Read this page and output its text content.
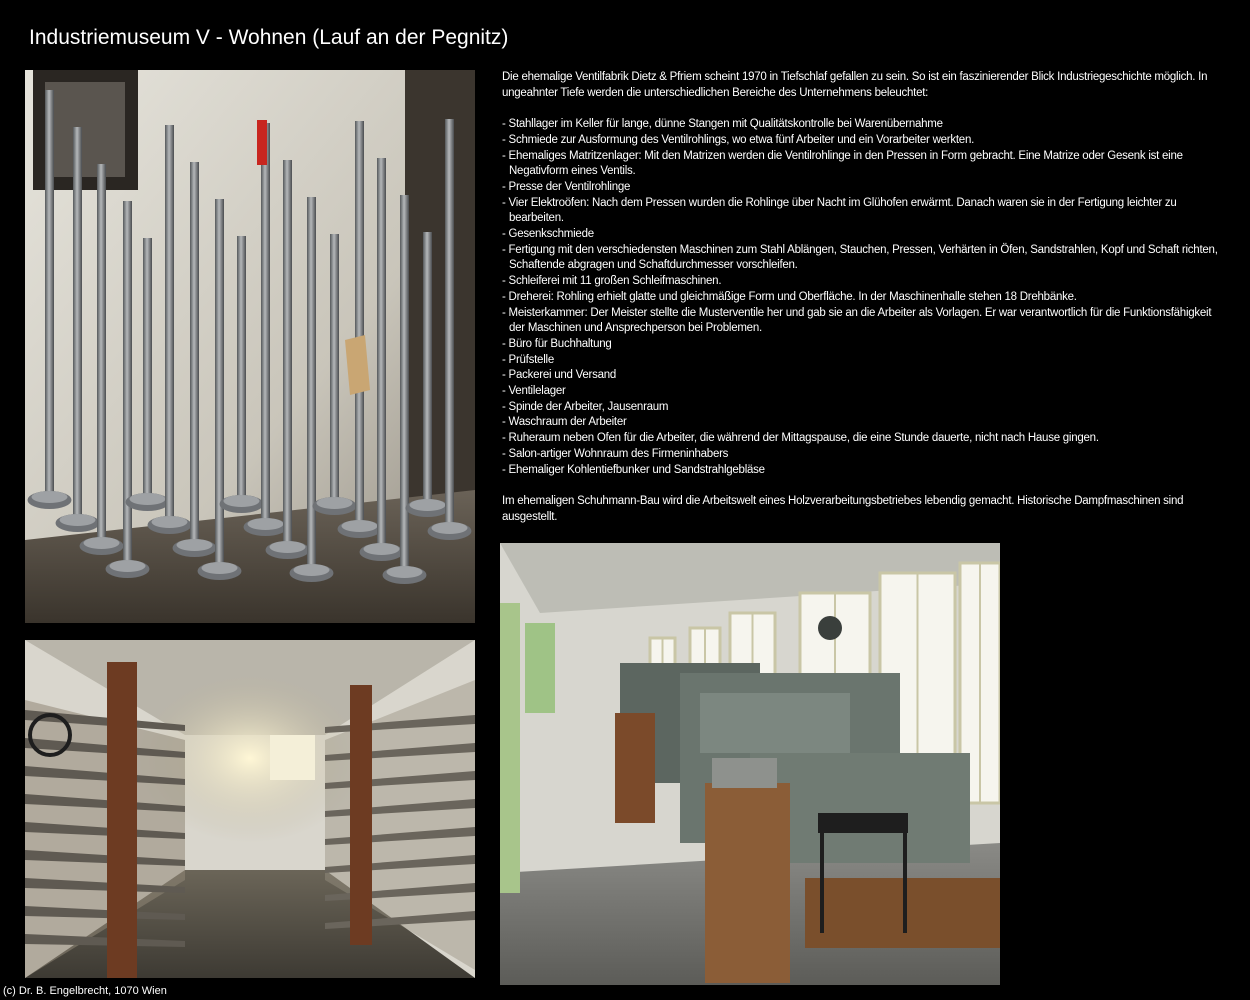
Industriemuseum V - Wohnen (Lauf an der Pegnitz)

Die ehemalige Ventilfabrik Dietz & Pfriem scheint 1970 in Tiefschlaf gefallen zu sein. So ist ein faszinierender Blick Industriegeschichte möglich. In ungeahnter Tiefe werden die unterschiedlichen Bereiche des Unternehmens beleuchtet:

- Stahllager im Keller für lange, dünne Stangen mit Qualitätskontrolle bei Warenübernahme
- Schmiede zur Ausformung des Ventilrohlings, wo etwa fünf Arbeiter und ein Vorarbeiter werkten.
- Ehemaliges Matritzenlager: Mit den Matrizen werden die Ventilrohlinge in den Pressen in Form gebracht. Eine Matrize oder Gesenk ist eine Negativform eines Ventils.
- Presse der Ventilrohlinge
- Vier Elektroöfen: Nach dem Pressen wurden die Rohlinge über Nacht im Glühofen erwärmt. Danach waren sie in der Fertigung leichter zu bearbeiten.
- Gesenkschmiede
- Fertigung mit den verschiedensten Maschinen zum Stahl Ablängen, Stauchen, Pressen, Verhärten in Öfen, Sandstrahlen, Kopf und Schaft richten, Schaftende abgragen und Schaftdurchmesser vorschleifen.
- Schleiferei mit 11 großen Schleifmaschinen.
- Dreherei: Rohling erhielt glatte und gleichmäßige Form und Oberfläche. In der Maschinenhalle stehen 18 Drehbänke.
- Meisterkammer: Der Meister stellte die Musterventile her und gab sie an die Arbeiter als Vorlagen. Er war verantwortlich für die Funktionsfähigkeit der Maschinen und Ansprechperson bei Problemen.
- Büro für Buchhaltung
- Prüfstelle
- Packerei und Versand
- Ventilelager
- Spinde der Arbeiter, Jausenraum
- Waschraum der Arbeiter
- Ruheraum neben Ofen für die Arbeiter, die während der Mittagspause, die eine Stunde dauerte, nicht nach Hause gingen.
- Salon-artiger Wohnraum des Firmeninhabers
- Ehemaliger Kohlentiefbunker und Sandstrahlgebläse

Im ehemaligen Schuhmann-Bau wird die Arbeitswelt eines Holzverarbeitungsbetriebes lebendig gemacht. Historische Dampfmaschinen sind ausgestellt.

(c) Dr. B. Engelbrecht, 1070 Wien
